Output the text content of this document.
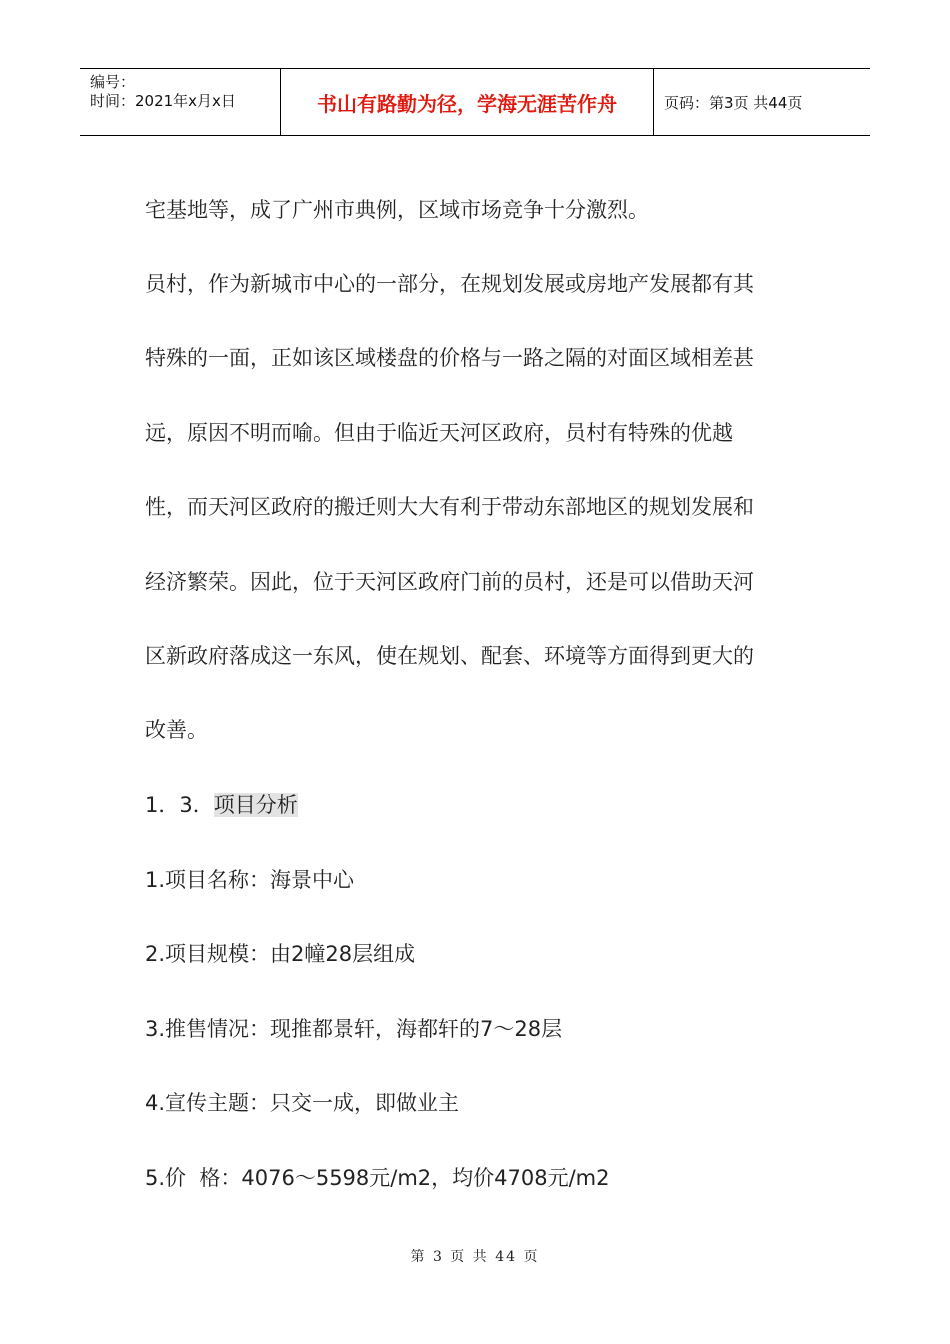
编号：
时间：2021年x月x日	书山有路勤为径，学海无涯苦作舟	页码：第3页 共44页
宅基地等，成了广州市典例，区域市场竞争十分激烈。
员村，作为新城市中心的一部分，在规划发展或房地产发展都有其
特殊的一面，正如该区域楼盘的价格与一路之隔的对面区域相差甚
远，原因不明而喻。但由于临近天河区政府，员村有特殊的优越
性，而天河区政府的搬迁则大大有利于带动东部地区的规划发展和
经济繁荣。因此，位于天河区政府门前的员村，还是可以借助天河
区新政府落成这一东风，使在规划、配套、环境等方面得到更大的
改善。
1．3．项目分析
1.项目名称：海景中心
2.项目规模：由2幢28层组成
3.推售情况：现推都景轩，海都轩的7～28层
4.宣传主题：只交一成，即做业主
5.价  格：4076～5598元/m2，均价4708元/m2
第 3 页 共 44 页
